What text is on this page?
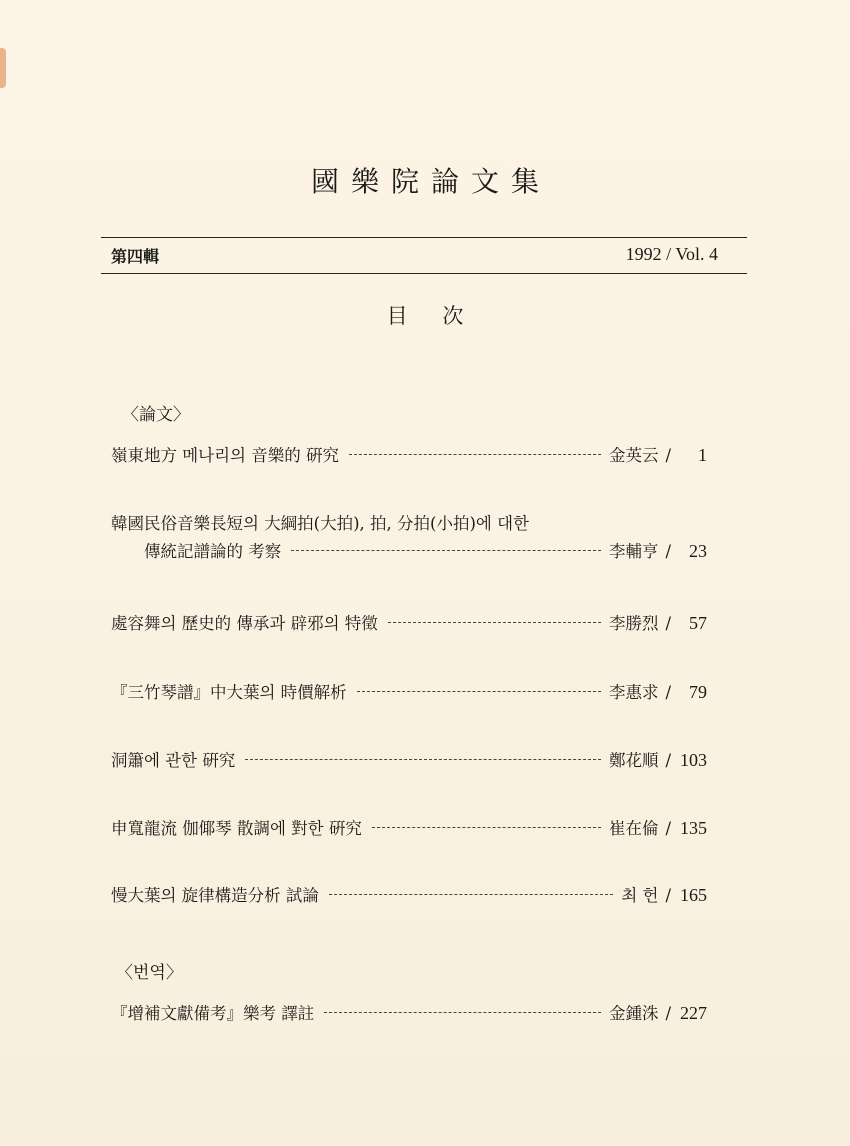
國樂院論文集
第四輯	1992 / Vol. 4
目 次
〈論文〉
嶺東地方 메나리의 音樂的 硏究	金英云 /	1
韓國民俗音樂長短의 大綱拍(大拍), 拍, 分拍(小拍)에 대한
傳統記譜論的 考察	李輔亨 /	23
處容舞의 歷史的 傳承과 辟邪의 特徵	李勝烈 /	57
『三竹琴譜』中大葉의 時價解析	李惠求 /	79
洞簫에 관한 硏究	鄭花順 / 103
申寬龍流 伽倻琴 散調에 對한 硏究	崔在倫 / 135
慢大葉의 旋律構造分析 試論	최 헌 / 165
〈번역〉
『增補文獻備考』樂考 譯註	金鍾洙 / 227
